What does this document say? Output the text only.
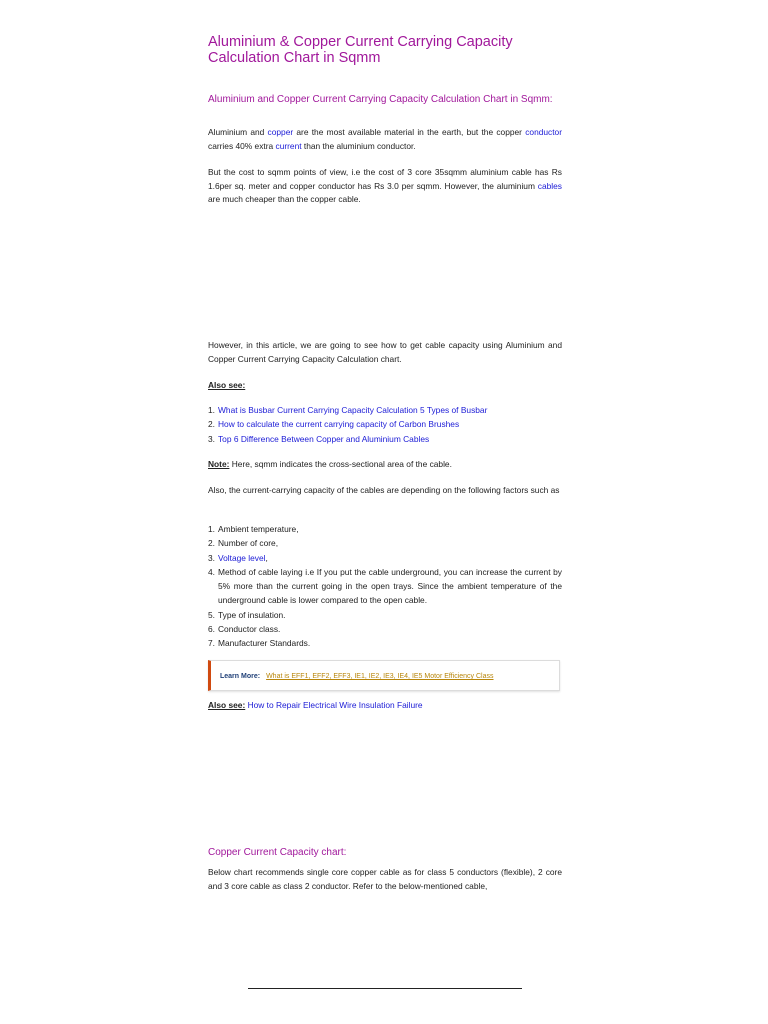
Aluminium & Copper Current Carrying Capacity Calculation Chart in Sqmm
Aluminium and Copper Current Carrying Capacity Calculation Chart in Sqmm:

Aluminium and copper are the most available material in the earth, but the copper conductor carries 40% extra current than the aluminium conductor.

But the cost to sqmm points of view, i.e the cost of 3 core 35sqmm aluminium cable has Rs 1.6per sq. meter and copper conductor has Rs 3.0 per sqmm. However, the aluminium cables are much cheaper than the copper cable.

However, in this article, we are going to see how to get cable capacity using Aluminium and Copper Current Carrying Capacity Calculation chart.

Also see:

1. What is Busbar Current Carrying Capacity Calculation 5 Types of Busbar
2. How to calculate the current carrying capacity of Carbon Brushes
3. Top 6 Difference Between Copper and Aluminium Cables

Note: Here, sqmm indicates the cross-sectional area of the cable.

Also, the current-carrying capacity of the cables are depending on the following factors such as

1. Ambient temperature,
2. Number of core,
3. Voltage level,
4. Method of cable laying i.e If you put the cable underground, you can increase the current by 5% more than the current going in the open trays. Since the ambient temperature of the underground cable is lower compared to the open cable.
5. Type of insulation.
6. Conductor class.
7. Manufacturer Standards.
Learn More: What is EFF1, EFF2, EFF3, IE1, IE2, IE3, IE4, IE5 Motor Efficiency Class

Also see: How to Repair Electrical Wire Insulation Failure

Copper Current Capacity chart:

Below chart recommends single core copper cable as for class 5 conductors (flexible), 2 core and 3 core cable as class 2 conductor. Refer to the below-mentioned cable,
